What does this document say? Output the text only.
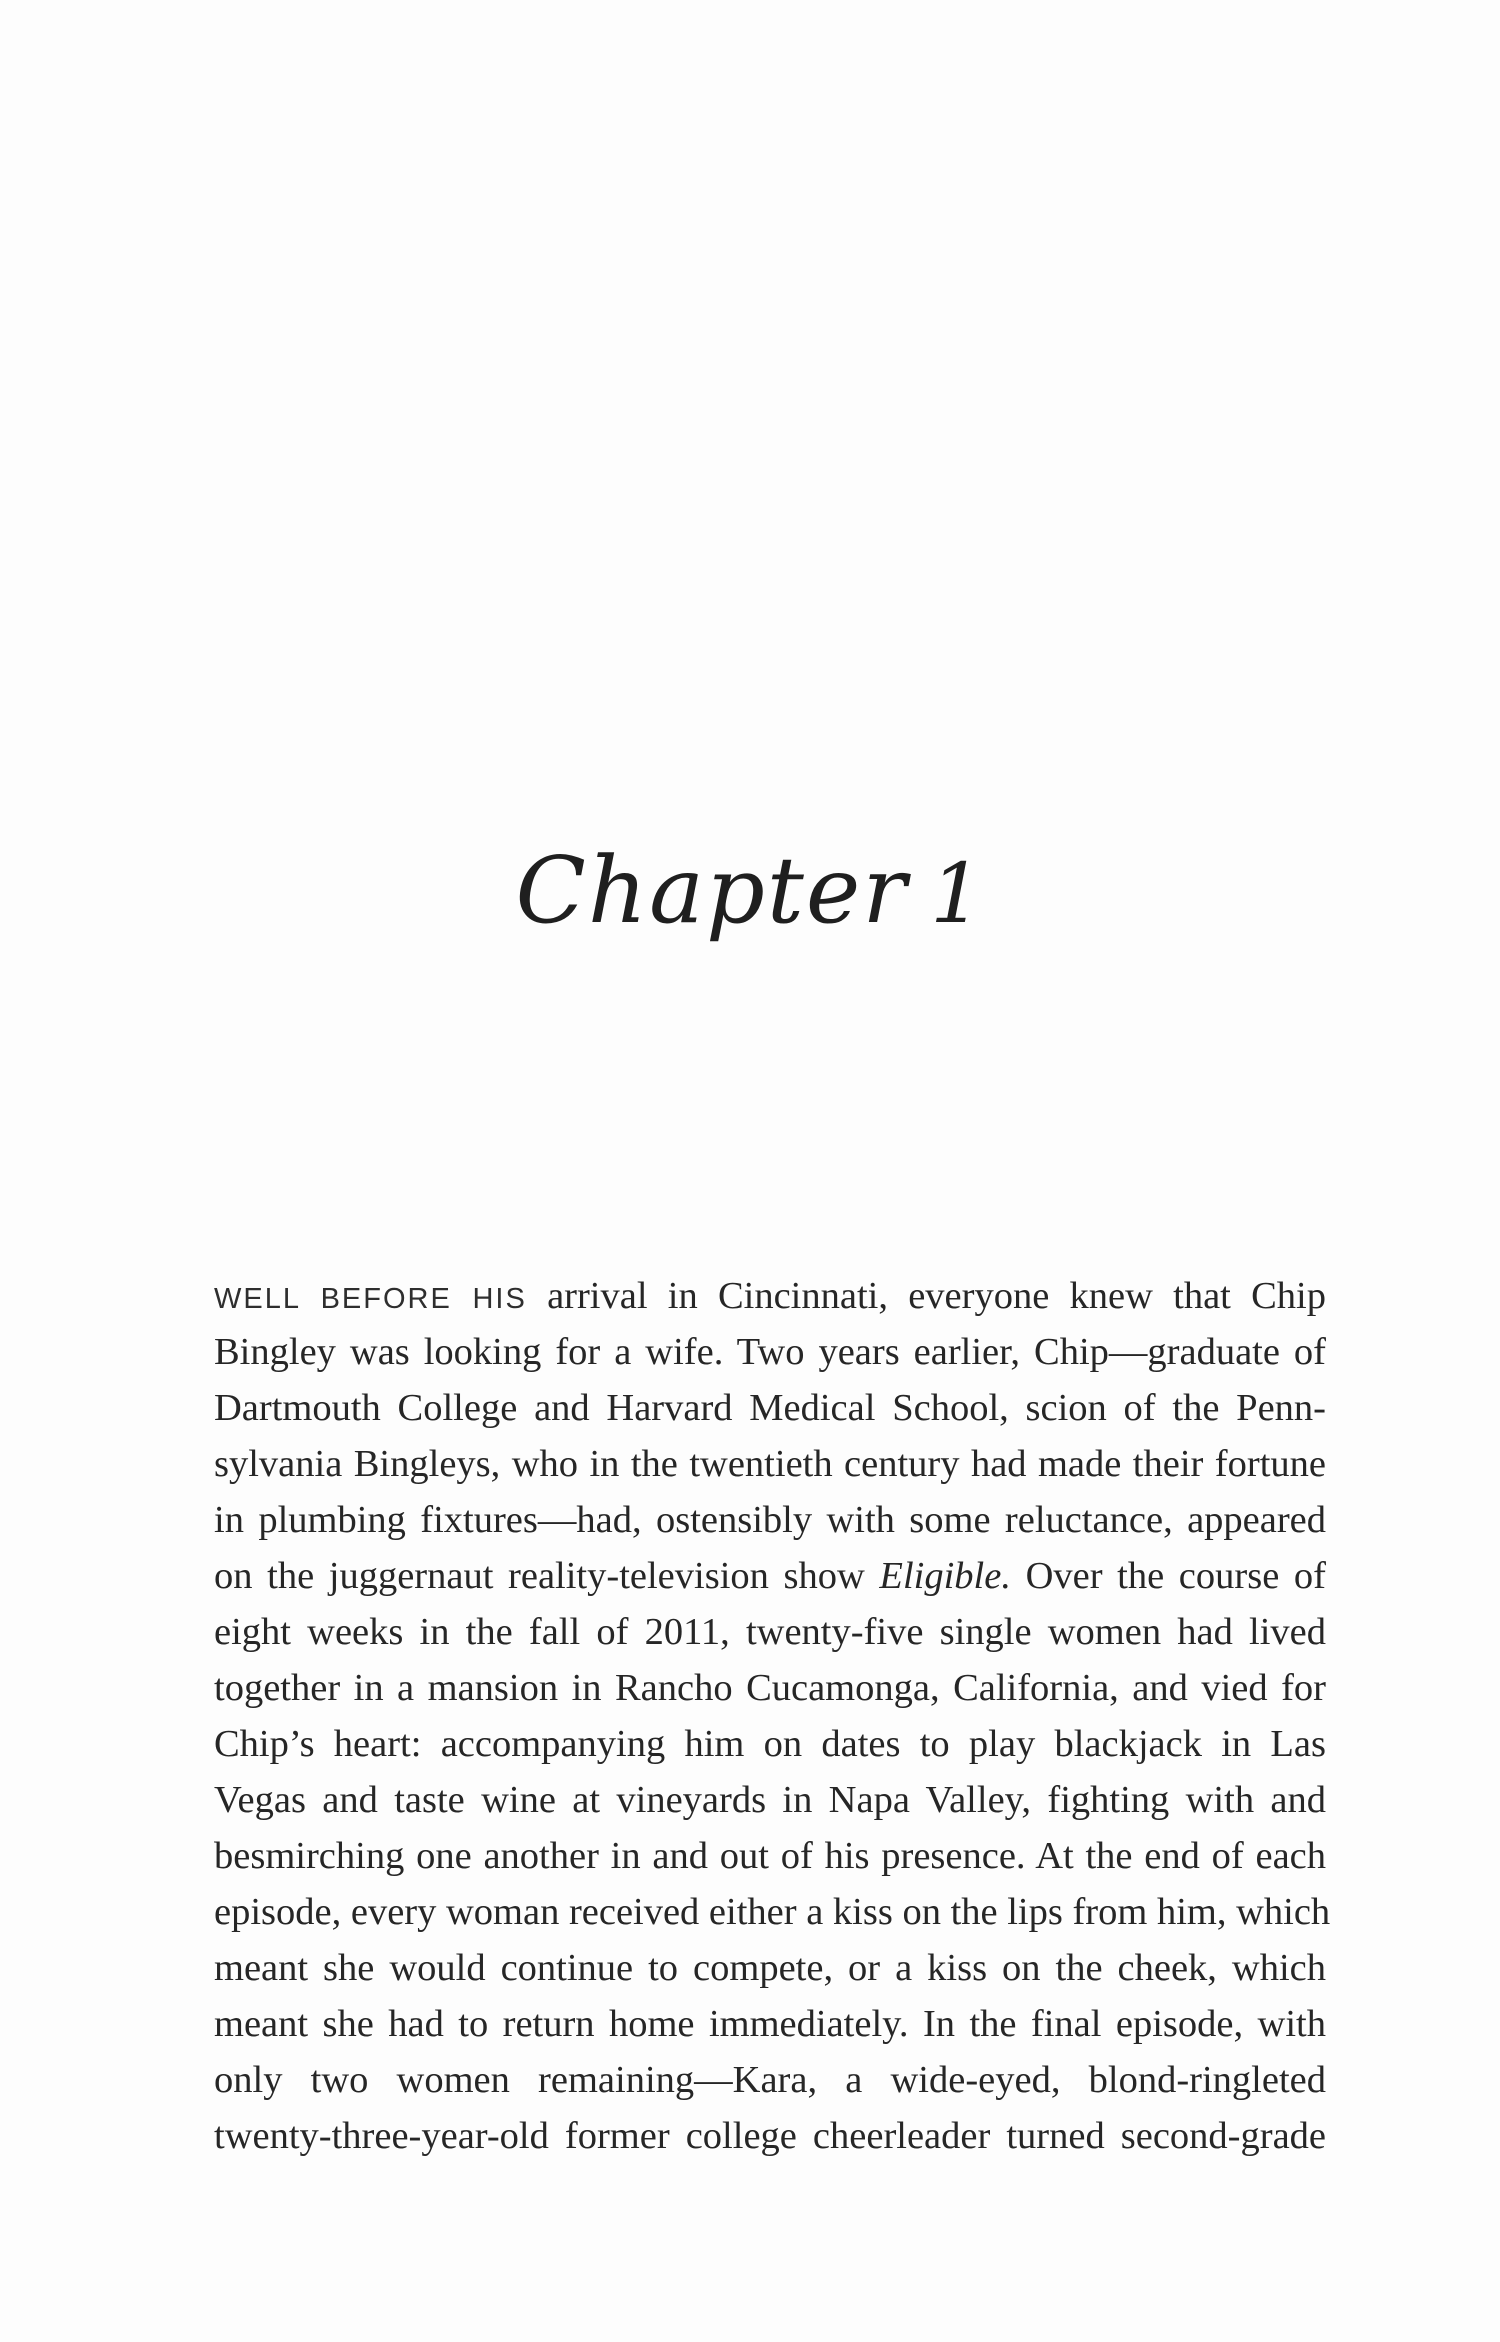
Chapter 1
WELL BEFORE HIS arrival in Cincinnati, everyone knew that Chip
Bingley was looking for a wife. Two years earlier, Chip—graduate of
Dartmouth College and Harvard Medical School, scion of the Penn-
sylvania Bingleys, who in the twentieth century had made their fortune
in plumbing fixtures—had, ostensibly with some reluctance, appeared
on the juggernaut reality-television show Eligible. Over the course of
eight weeks in the fall of 2011, twenty-five single women had lived
together in a mansion in Rancho Cucamonga, California, and vied for
Chip’s heart: accompanying him on dates to play blackjack in Las
Vegas and taste wine at vineyards in Napa Valley, fighting with and
besmirching one another in and out of his presence. At the end of each
episode, every woman received either a kiss on the lips from him, which
meant she would continue to compete, or a kiss on the cheek, which
meant she had to return home immediately. In the final episode, with
only two women remaining—Kara, a wide-eyed, blond-ringleted
twenty-three-year-old former college cheerleader turned second-grade
